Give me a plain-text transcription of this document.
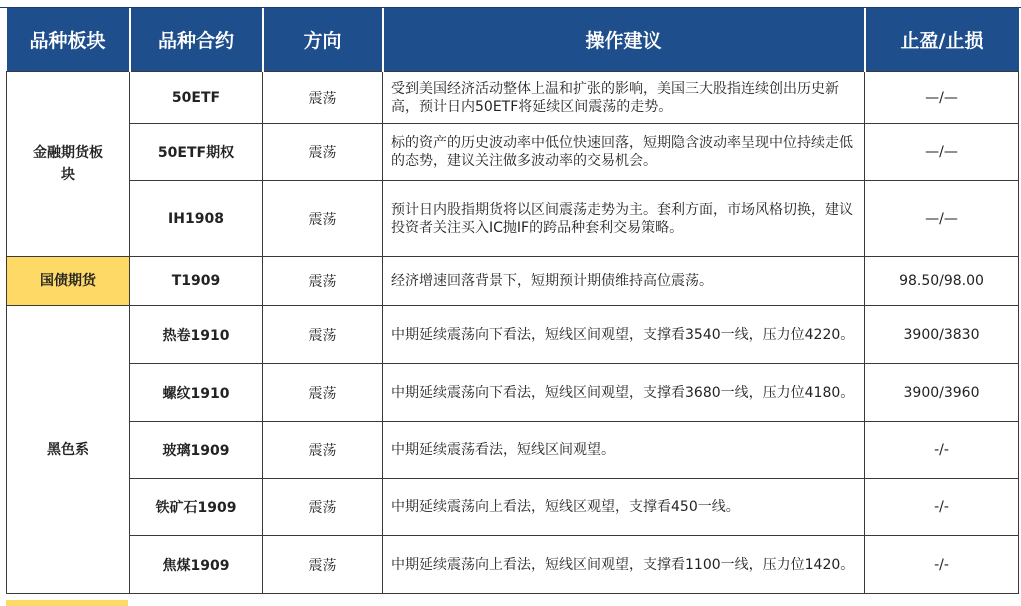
品种板块	品种合约	方向	操作建议	止盈/止损

金融期货板块	50ETF	震荡	受到美国经济活动整体上温和扩张的影响，美国三大股指连续创出历史新高，预计日内50ETF将延续区间震荡的走势。	—/—
	50ETF期权	震荡	标的资产的历史波动率中低位快速回落，短期隐含波动率呈现中位持续走低的态势，建议关注做多波动率的交易机会。	—/—
	IH1908	震荡	预计日内股指期货将以区间震荡走势为主。套利方面，市场风格切换，建议投资者关注买入IC抛IF的跨品种套利交易策略。	—/—
国债期货	T1909	震荡	经济增速回落背景下，短期预计期债维持高位震荡。	98.50/98.00
黑色系	热卷1910	震荡	中期延续震荡向下看法，短线区间观望，支撑看3540一线，压力位4220。	3900/3830
	螺纹1910	震荡	中期延续震荡向下看法，短线区间观望，支撑看3680一线，压力位4180。	3900/3960
	玻璃1909	震荡	中期延续震荡看法，短线区间观望。	-/-
	铁矿石1909	震荡	中期延续震荡向上看法，短线区观望，支撑看450一线。	-/-
	焦煤1909	震荡	中期延续震荡向上看法，短线区间观望，支撑看1100一线，压力位1420。	-/-
